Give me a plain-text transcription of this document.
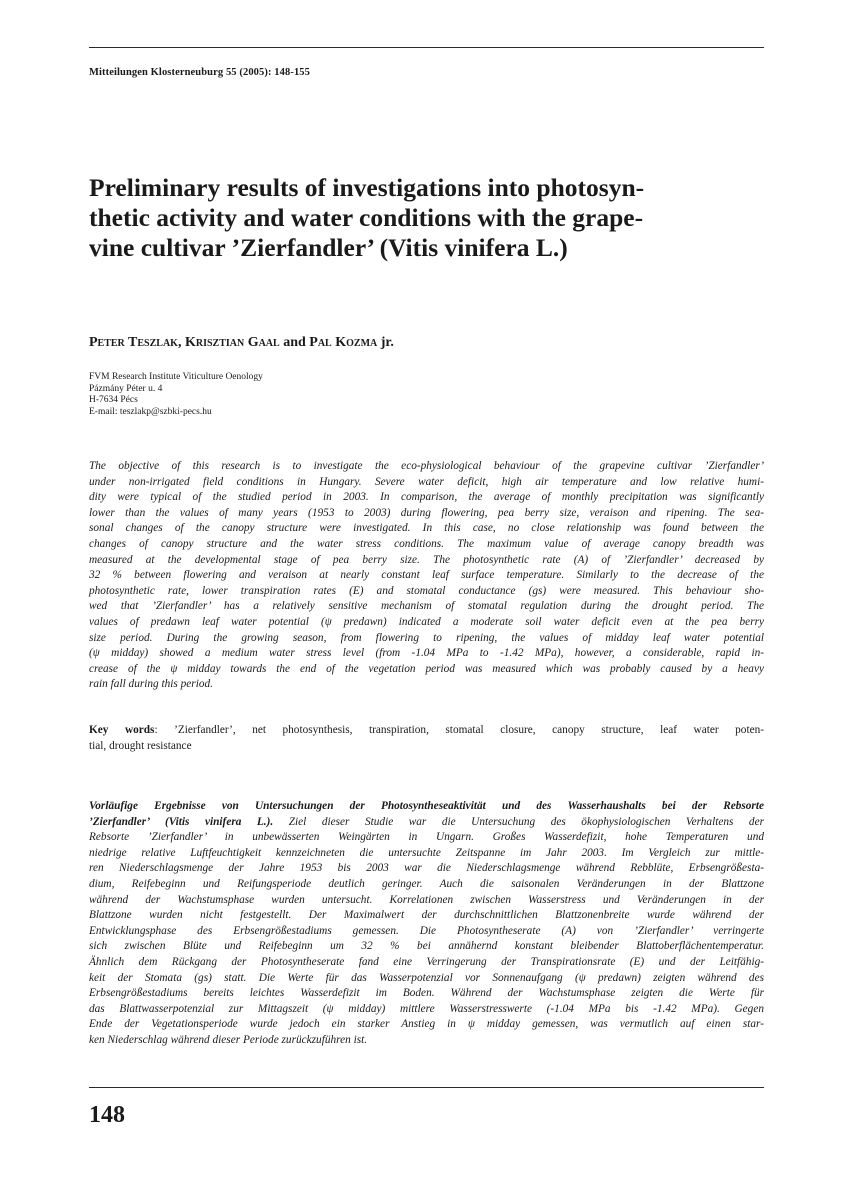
Mitteilungen Klosterneuburg 55 (2005): 148-155
Preliminary results of investigations into photosyn-
thetic activity and water conditions with the grape-
vine cultivar ’Zierfandler’ (Vitis vinifera L.)
Peter Teszlak, Krisztian Gaal and Pal Kozma jr.
FVM Research Institute Viticulture Oenology
Pázmány Péter u. 4
H-7634 Pécs
E-mail: teszlakp@szbki-pecs.hu
The objective of this research is to investigate the eco-physiological behaviour of the grapevine cultivar ’Zierfandler’
under non-irrigated field conditions in Hungary. Severe water deficit, high air temperature and low relative humi-
dity were typical of the studied period in 2003. In comparison, the average of monthly precipitation was significantly
lower than the values of many years (1953 to 2003) during flowering, pea berry size, veraison and ripening. The sea-
sonal changes of the canopy structure were investigated. In this case, no close relationship was found between the
changes of canopy structure and the water stress conditions. The maximum value of average canopy breadth was
measured at the developmental stage of pea berry size. The photosynthetic rate (A) of ’Zierfandler’ decreased by
32 % between flowering and veraison at nearly constant leaf surface temperature. Similarly to the decrease of the
photosynthetic rate, lower transpiration rates (E) and stomatal conductance (gs) were measured. This behaviour sho-
wed that ’Zierfandler’ has a relatively sensitive mechanism of stomatal regulation during the drought period. The
values of predawn leaf water potential (ψ predawn) indicated a moderate soil water deficit even at the pea berry
size period. During the growing season, from flowering to ripening, the values of midday leaf water potential
(ψ midday) showed a medium water stress level (from -1.04 MPa to -1.42 MPa), however, a considerable, rapid in-
crease of the ψ midday towards the end of the vegetation period was measured which was probably caused by a heavy
rain fall during this period.
Key words: ’Zierfandler’, net photosynthesis, transpiration, stomatal closure, canopy structure, leaf water poten-
tial, drought resistance
Vorläufige Ergebnisse von Untersuchungen der Photosyntheseaktivität und des Wasserhaushalts bei der Rebsorte
’Zierfandler’ (Vitis vinifera L.). Ziel dieser Studie war die Untersuchung des ökophysiologischen Verhaltens der
Rebsorte ’Zierfandler’ in unbewässerten Weingärten in Ungarn. Großes Wasserdefizit, hohe Temperaturen und
niedrige relative Luftfeuchtigkeit kennzeichneten die untersuchte Zeitspanne im Jahr 2003. Im Vergleich zur mittle-
ren Niederschlagsmenge der Jahre 1953 bis 2003 war die Niederschlagsmenge während Rebblüte, Erbsengrößesta-
dium, Reifebeginn und Reifungsperiode deutlich geringer. Auch die saisonalen Veränderungen in der Blattzone
während der Wachstumsphase wurden untersucht. Korrelationen zwischen Wasserstress und Veränderungen in der
Blattzone wurden nicht festgestellt. Der Maximalwert der durchschnittlichen Blattzonenbreite wurde während der
Entwicklungsphase des Erbsengrößestadiums gemessen. Die Photosyntheserate (A) von ’Zierfandler’ verringerte
sich zwischen Blüte und Reifebeginn um 32 % bei annähernd konstant bleibender Blattoberflächentemperatur.
Ähnlich dem Rückgang der Photosyntheserate fand eine Verringerung der Transpirationsrate (E) und der Leitfähig-
keit der Stomata (gs) statt. Die Werte für das Wasserpotenzial vor Sonnenaufgang (ψ predawn) zeigten während des
Erbsengrößestadiums bereits leichtes Wasserdefizit im Boden. Während der Wachstumsphase zeigten die Werte für
das Blattwasserpotenzial zur Mittagszeit (ψ midday) mittlere Wasserstresswerte (-1.04 MPa bis -1.42 MPa). Gegen
Ende der Vegetationsperiode wurde jedoch ein starker Anstieg in ψ midday gemessen, was vermutlich auf einen star-
ken Niederschlag während dieser Periode zurückzuführen ist.
148
